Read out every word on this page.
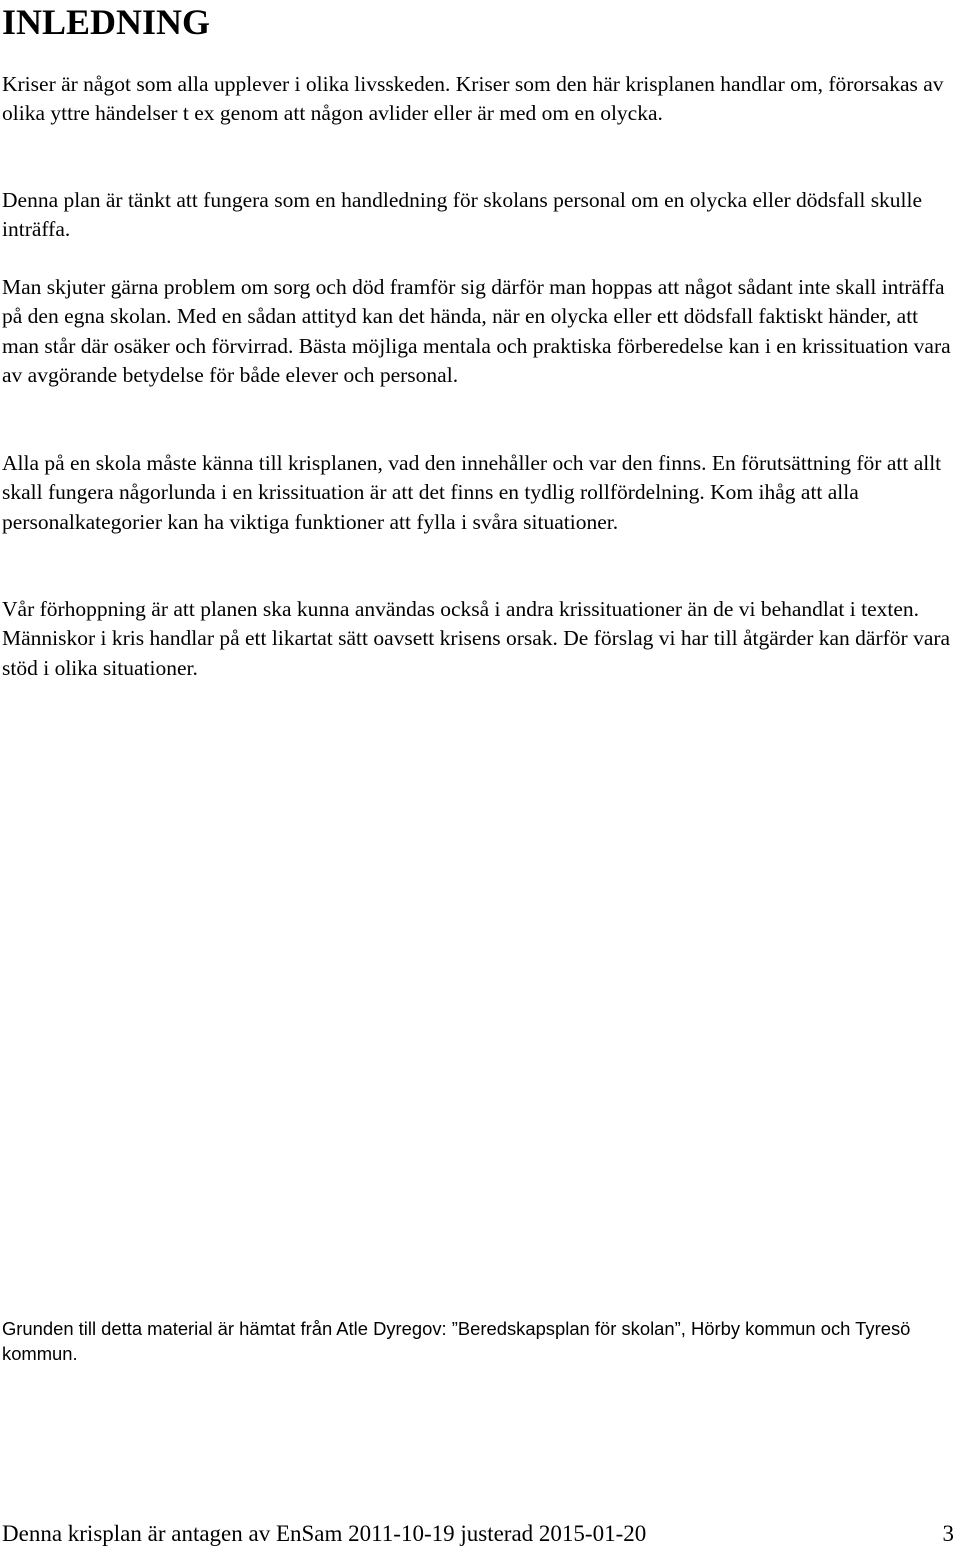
INLEDNING

Kriser är något som alla upplever i olika livsskeden. Kriser som den här krisplanen handlar om, förorsakas av olika yttre händelser t ex genom att någon avlider eller är med om en olycka.

Denna plan är tänkt att fungera som en handledning för skolans personal om en olycka eller dödsfall skulle inträffa.

Man skjuter gärna problem om sorg och död framför sig därför man hoppas att något sådant inte skall inträffa på den egna skolan. Med en sådan attityd kan det hända, när en olycka eller ett dödsfall faktiskt händer, att man står där osäker och förvirrad. Bästa möjliga mentala och praktiska förberedelse kan i en krissituation vara av avgörande betydelse för både elever och personal.

Alla på en skola måste känna till krisplanen, vad den innehåller och var den finns. En förutsättning för att allt skall fungera någorlunda i en krissituation är att det finns en tydlig rollfördelning. Kom ihåg att alla personalkategorier kan ha viktiga funktioner att fylla i svåra situationer.

Vår förhoppning är att planen ska kunna användas också i andra krissituationer än de vi behandlat i texten. Människor i kris handlar på ett likartat sätt oavsett krisens orsak. De förslag vi har till åtgärder kan därför vara stöd i olika situationer.

Grunden till detta material är hämtat från Atle Dyregov: ”Beredskapsplan för skolan”, Hörby kommun och Tyresö kommun.

Denna krisplan är antagen av EnSam 2011-10-19 justerad 2015-01-20	3
